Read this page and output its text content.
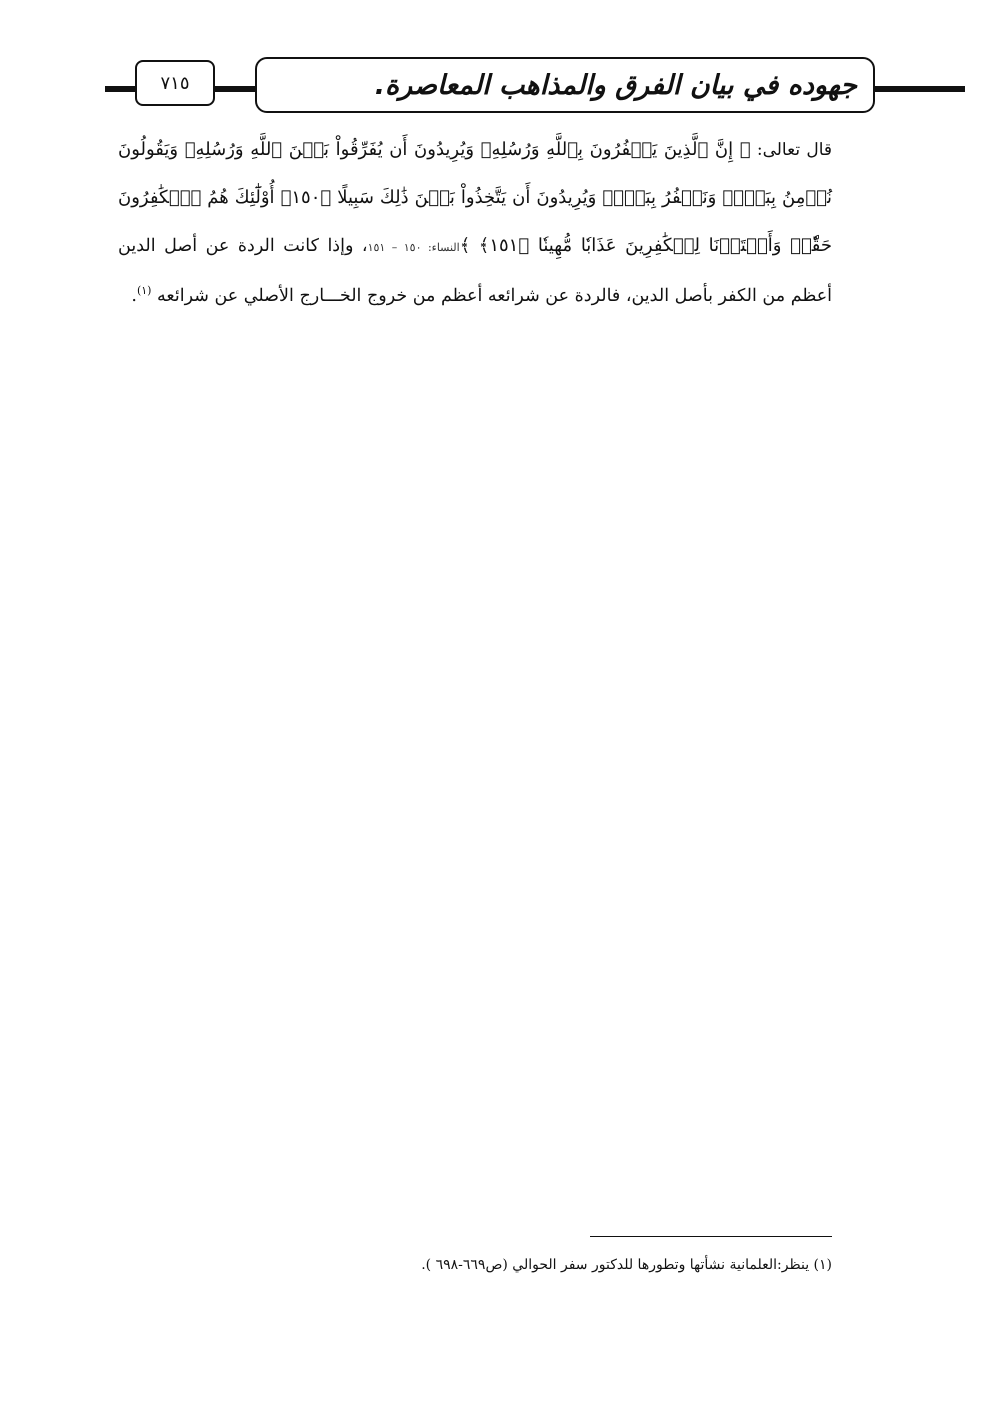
٧١٥	جهوده في بيان الفرق والمذاهب المعاصرة.
قال تعالى: ﴿ إِنَّ ٱلَّذِينَ يَكۡفُرُونَ بِٱللَّهِ وَرُسُلِهِۦ وَيُرِيدُونَ أَن يُفَرِّقُواْ بَيۡنَ ٱللَّهِ وَرُسُلِهِۦ وَيَقُولُونَ نُؤۡمِنُ بِبَعۡضٖ وَنَكۡفُرُ بِبَعۡضٖ وَيُرِيدُونَ أَن يَتَّخِذُواْ بَيۡنَ ذَٰلِكَ سَبِيلًا ﴿١٥٠﴾ أُوْلَٰٓئِكَ هُمُ ٱلۡكَٰفِرُونَ حَقّٗاۚ وَأَعۡتَدۡنَا لِلۡكَٰفِرِينَ عَذَابٗا مُّهِينٗا ﴿١٥١﴾ ﴾النساء: ١٥٠ – ١٥١، وإذا كانت الردة عن أصل الدين أعظم من الكفر بأصل الدين، فالردة عن شرائعه أعظم من خروج الخـــارج الأصلي عن شرائعه $^{(١)}$.
(١) ينظر:العلمانية نشأتها وتطورها للدكتور سفر الحوالي (ص٦٦٩-٦٩٨ ).
